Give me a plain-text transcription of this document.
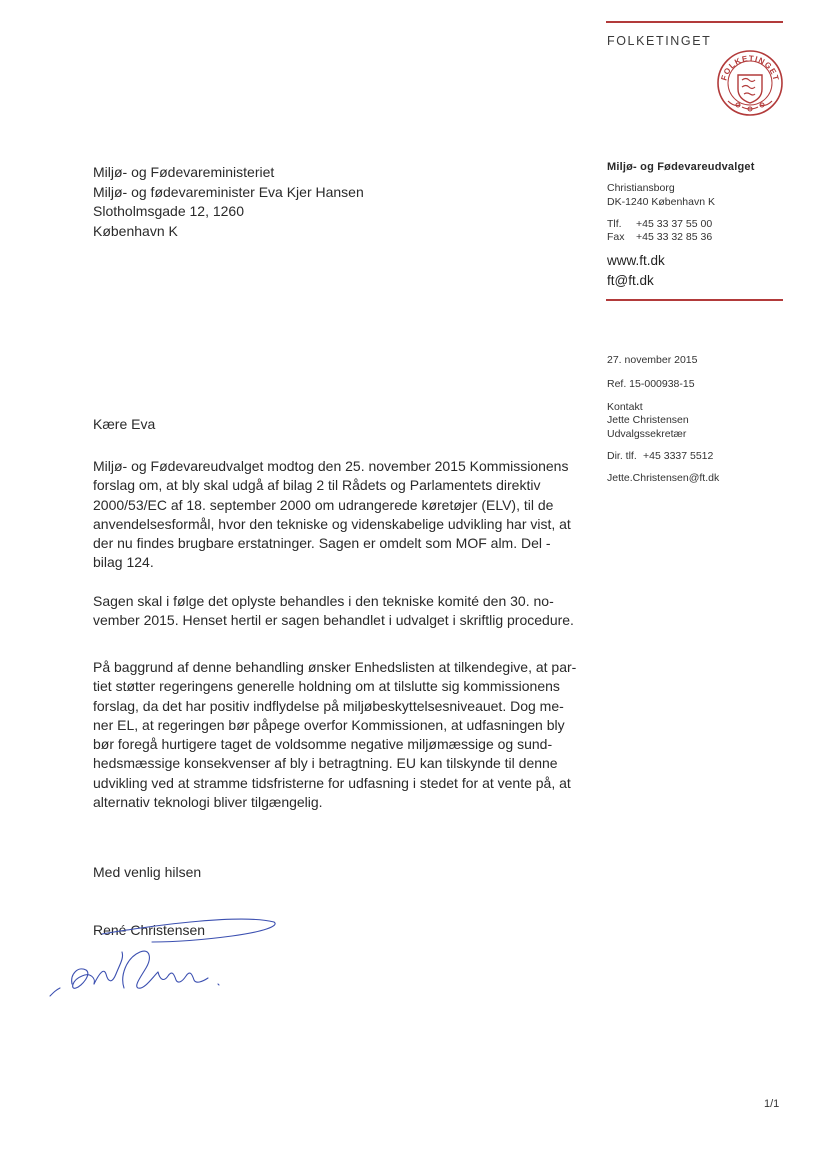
FOLKETINGET
FOLKETINGET
Miljø- og Fødevareudvalget
Christiansborg
DK-1240 København K
Tlf. +45 33 37 55 00
Fax +45 33 32 85 36
www.ft.dk
ft@ft.dk
27. november 2015
Ref. 15-000938-15
Kontakt
Jette Christensen
Udvalgssekretær
Dir. tlf. +45 3337 5512
Jette.Christensen@ft.dk
Miljø- og Fødevareministeriet
Miljø- og fødevareminister Eva Kjer Hansen
Slotholmsgade 12, 1260
København K
Kære Eva
Miljø- og Fødevareudvalget modtog den 25. november 2015 Kommissionens
forslag om, at bly skal udgå af bilag 2 til Rådets og Parlamentets direktiv
2000/53/EC af 18. september 2000 om udrangerede køretøjer (ELV), til de
anvendelsesformål, hvor den tekniske og videnskabelige udvikling har vist, at
der nu findes brugbare erstatninger. Sagen er omdelt som MOF alm. Del -
bilag 124.
Sagen skal i følge det oplyste behandles i den tekniske komité den 30. no-
vember 2015. Henset hertil er sagen behandlet i udvalget i skriftlig procedure.
På baggrund af denne behandling ønsker Enhedslisten at tilkendegive, at par-
tiet støtter regeringens generelle holdning om at tilslutte sig kommissionens
forslag, da det har positiv indflydelse på miljøbeskyttelsesniveauet. Dog me-
ner EL, at regeringen bør påpege overfor Kommissionen, at udfasningen bly
bør foregå hurtigere taget de voldsomme negative miljømæssige og sund-
hedsmæssige konsekvenser af bly i betragtning. EU kan tilskynde til denne
udvikling ved at stramme tidsfristerne for udfasning i stedet for at vente på, at
alternativ teknologi bliver tilgængelig.
Med venlig hilsen
René Christensen
1/1
